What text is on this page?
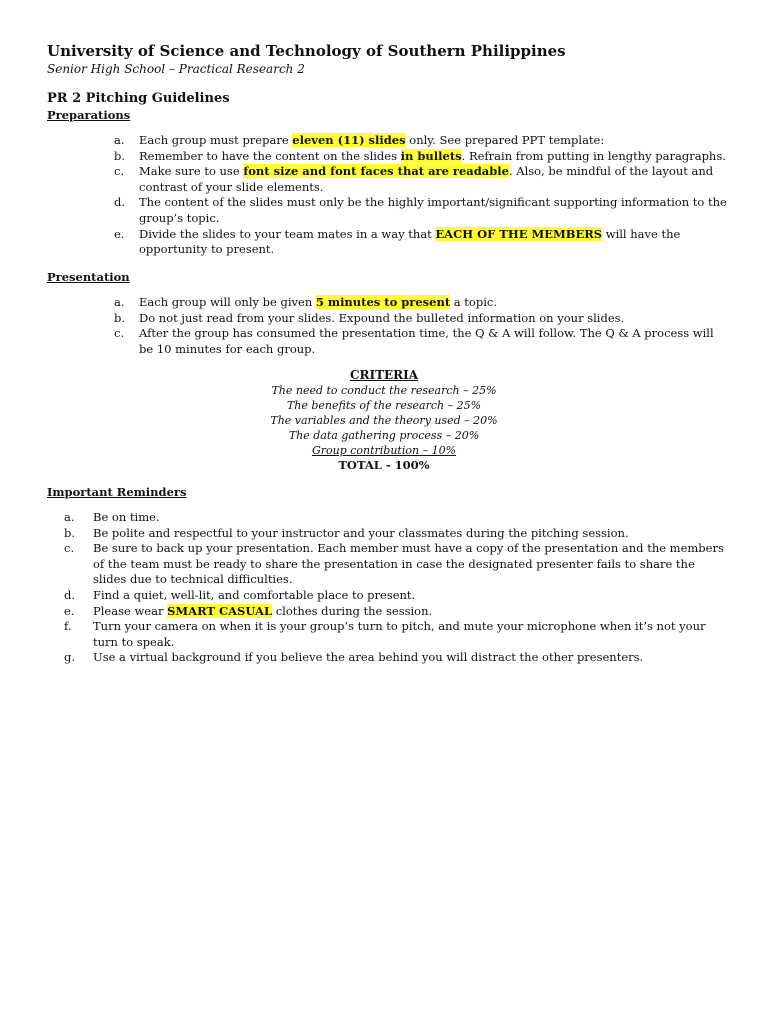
University of Science and Technology of Southern Philippines
Senior High School – Practical Research 2
PR 2 Pitching Guidelines
Preparations
a. Each group must prepare eleven (11) slides only. See prepared PPT template:
b. Remember to have the content on the slides in bullets. Refrain from putting in lengthy paragraphs.
c. Make sure to use font size and font faces that are readable. Also, be mindful of the layout and contrast of your slide elements.
d. The content of the slides must only be the highly important/significant supporting information to the group’s topic.
e. Divide the slides to your team mates in a way that EACH OF THE MEMBERS will have the opportunity to present.
Presentation
a. Each group will only be given 5 minutes to present a topic.
b. Do not just read from your slides. Expound the bulleted information on your slides.
c. After the group has consumed the presentation time, the Q & A will follow. The Q & A process will be 10 minutes for each group.
CRITERIA
The need to conduct the research – 25%
The benefits of the research – 25%
The variables and the theory used – 20%
The data gathering process – 20%
Group contribution – 10%
TOTAL - 100%
Important Reminders
a. Be on time.
b. Be polite and respectful to your instructor and your classmates during the pitching session.
c. Be sure to back up your presentation. Each member must have a copy of the presentation and the members of the team must be ready to share the presentation in case the designated presenter fails to share the slides due to technical difficulties.
d. Find a quiet, well-lit, and comfortable place to present.
e. Please wear SMART CASUAL clothes during the session.
f. Turn your camera on when it is your group’s turn to pitch, and mute your microphone when it’s not your turn to speak.
g. Use a virtual background if you believe the area behind you will distract the other presenters.
